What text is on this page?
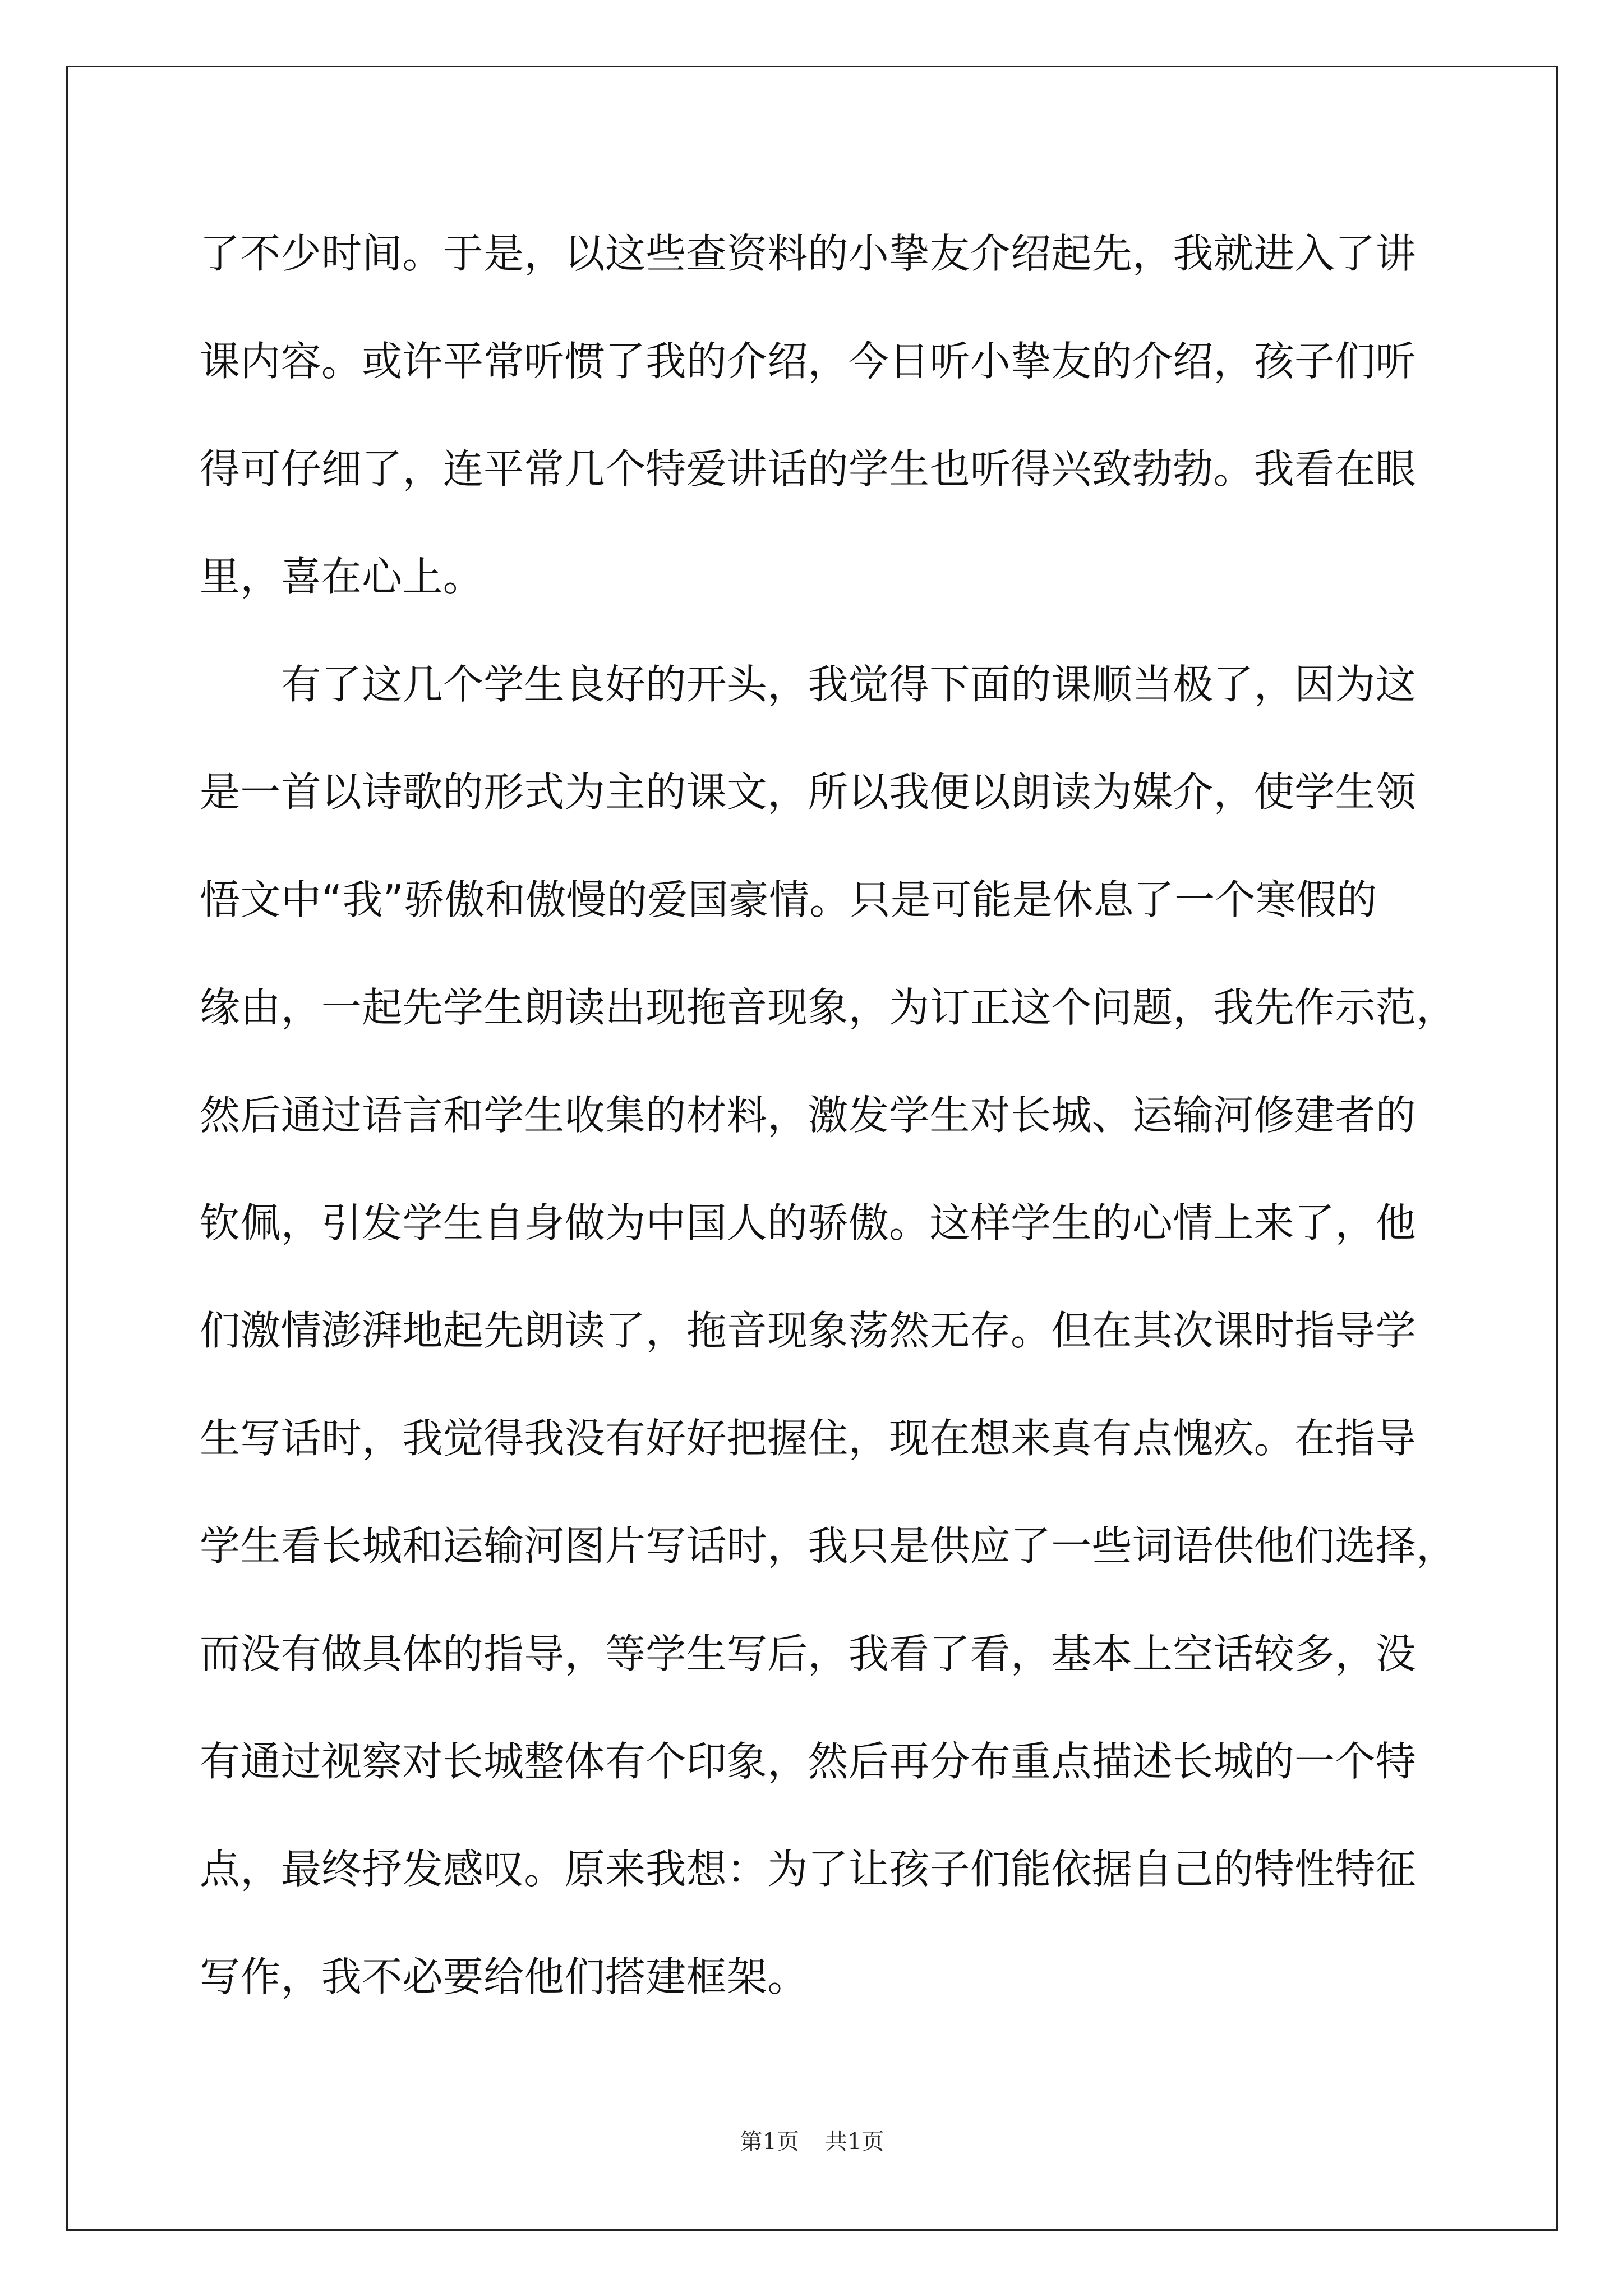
了不少时间。于是，以这些查资料的小挚友介绍起先，我就进入了讲
课内容。或许平常听惯了我的介绍，今日听小挚友的介绍，孩子们听
得可仔细了，连平常几个特爱讲话的学生也听得兴致勃勃。我看在眼
里，喜在心上。
　　有了这几个学生良好的开头，我觉得下面的课顺当极了，因为这
是一首以诗歌的形式为主的课文，所以我便以朗读为媒介，使学生领
悟文中“我”骄傲和傲慢的爱国豪情。只是可能是休息了一个寒假的
缘由，一起先学生朗读出现拖音现象，为订正这个问题，我先作示范，
然后通过语言和学生收集的材料，激发学生对长城、运输河修建者的
钦佩，引发学生自身做为中国人的骄傲。这样学生的心情上来了，他
们激情澎湃地起先朗读了，拖音现象荡然无存。但在其次课时指导学
生写话时，我觉得我没有好好把握住，现在想来真有点愧疚。在指导
学生看长城和运输河图片写话时，我只是供应了一些词语供他们选择，
而没有做具体的指导，等学生写后，我看了看，基本上空话较多，没
有通过视察对长城整体有个印象，然后再分布重点描述长城的一个特
点，最终抒发感叹。原来我想：为了让孩子们能依据自己的特性特征
写作，我不必要给他们搭建框架。
第1页 共1页
